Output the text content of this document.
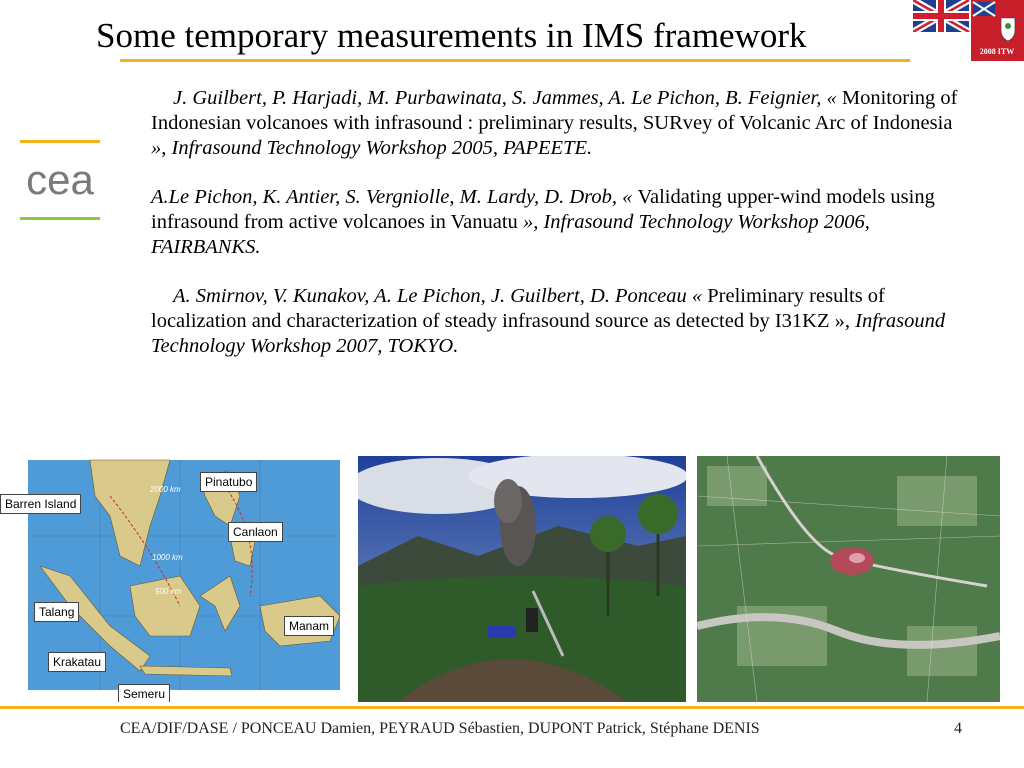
Some temporary measurements in IMS framework	2008 ITW
cea

J. Guilbert, P. Harjadi, M. Purbawinata, S. Jammes, A. Le Pichon, B. Feignier, « Monitoring of Indonesian volcanoes with infrasound : preliminary results, SURvey of Volcanic Arc of Indonesia », Infrasound Technology Workshop 2005, PAPEETE.

A.Le Pichon, K. Antier, S. Vergniolle, M. Lardy, D. Drob, « Validating upper-wind models using infrasound from active volcanoes in Vanuatu », Infrasound Technology Workshop 2006, FAIRBANKS.

A. Smirnov, V. Kunakov, A. Le Pichon, J. Guilbert, D. Ponceau « Preliminary results of localization and characterization of steady infrasound source as detected by I31KZ », Infrasound Technology Workshop 2007, TOKYO.

2000 km
1000 km
500 km
Barren Island
Pinatubo
Canlaon
Talang
Manam
Krakatau
Semeru
CEA/DIF/DASE / PONCEAU Damien, PEYRAUD Sébastien, DUPONT Patrick, Stéphane DENIS	4
